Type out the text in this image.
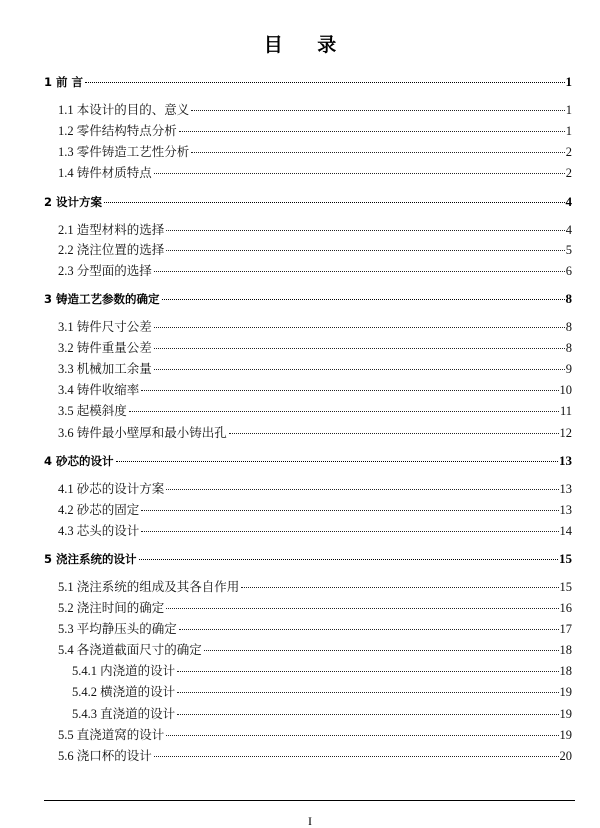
目 录
1 前 言	1
1.1 本设计的目的、意义	1
1.2 零件结构特点分析	1
1.3 零件铸造工艺性分析	2
1.4 铸件材质特点	2
2 设计方案	4
2.1 造型材料的选择	4
2.2 浇注位置的选择	5
2.3 分型面的选择	6
3 铸造工艺参数的确定	8
3.1 铸件尺寸公差	8
3.2 铸件重量公差	8
3.3 机械加工余量	9
3.4 铸件收缩率	10
3.5 起模斜度	11
3.6 铸件最小壁厚和最小铸出孔	12
4 砂芯的设计	13
4.1 砂芯的设计方案	13
4.2 砂芯的固定	13
4.3 芯头的设计	14
5 浇注系统的设计	15
5.1 浇注系统的组成及其各自作用	15
5.2 浇注时间的确定	16
5.3 平均静压头的确定	17
5.4 各浇道截面尺寸的确定	18
5.4.1 内浇道的设计	18
5.4.2 横浇道的设计	19
5.4.3 直浇道的设计	19
5.5 直浇道窝的设计	19
5.6 浇口杯的设计	20
I
